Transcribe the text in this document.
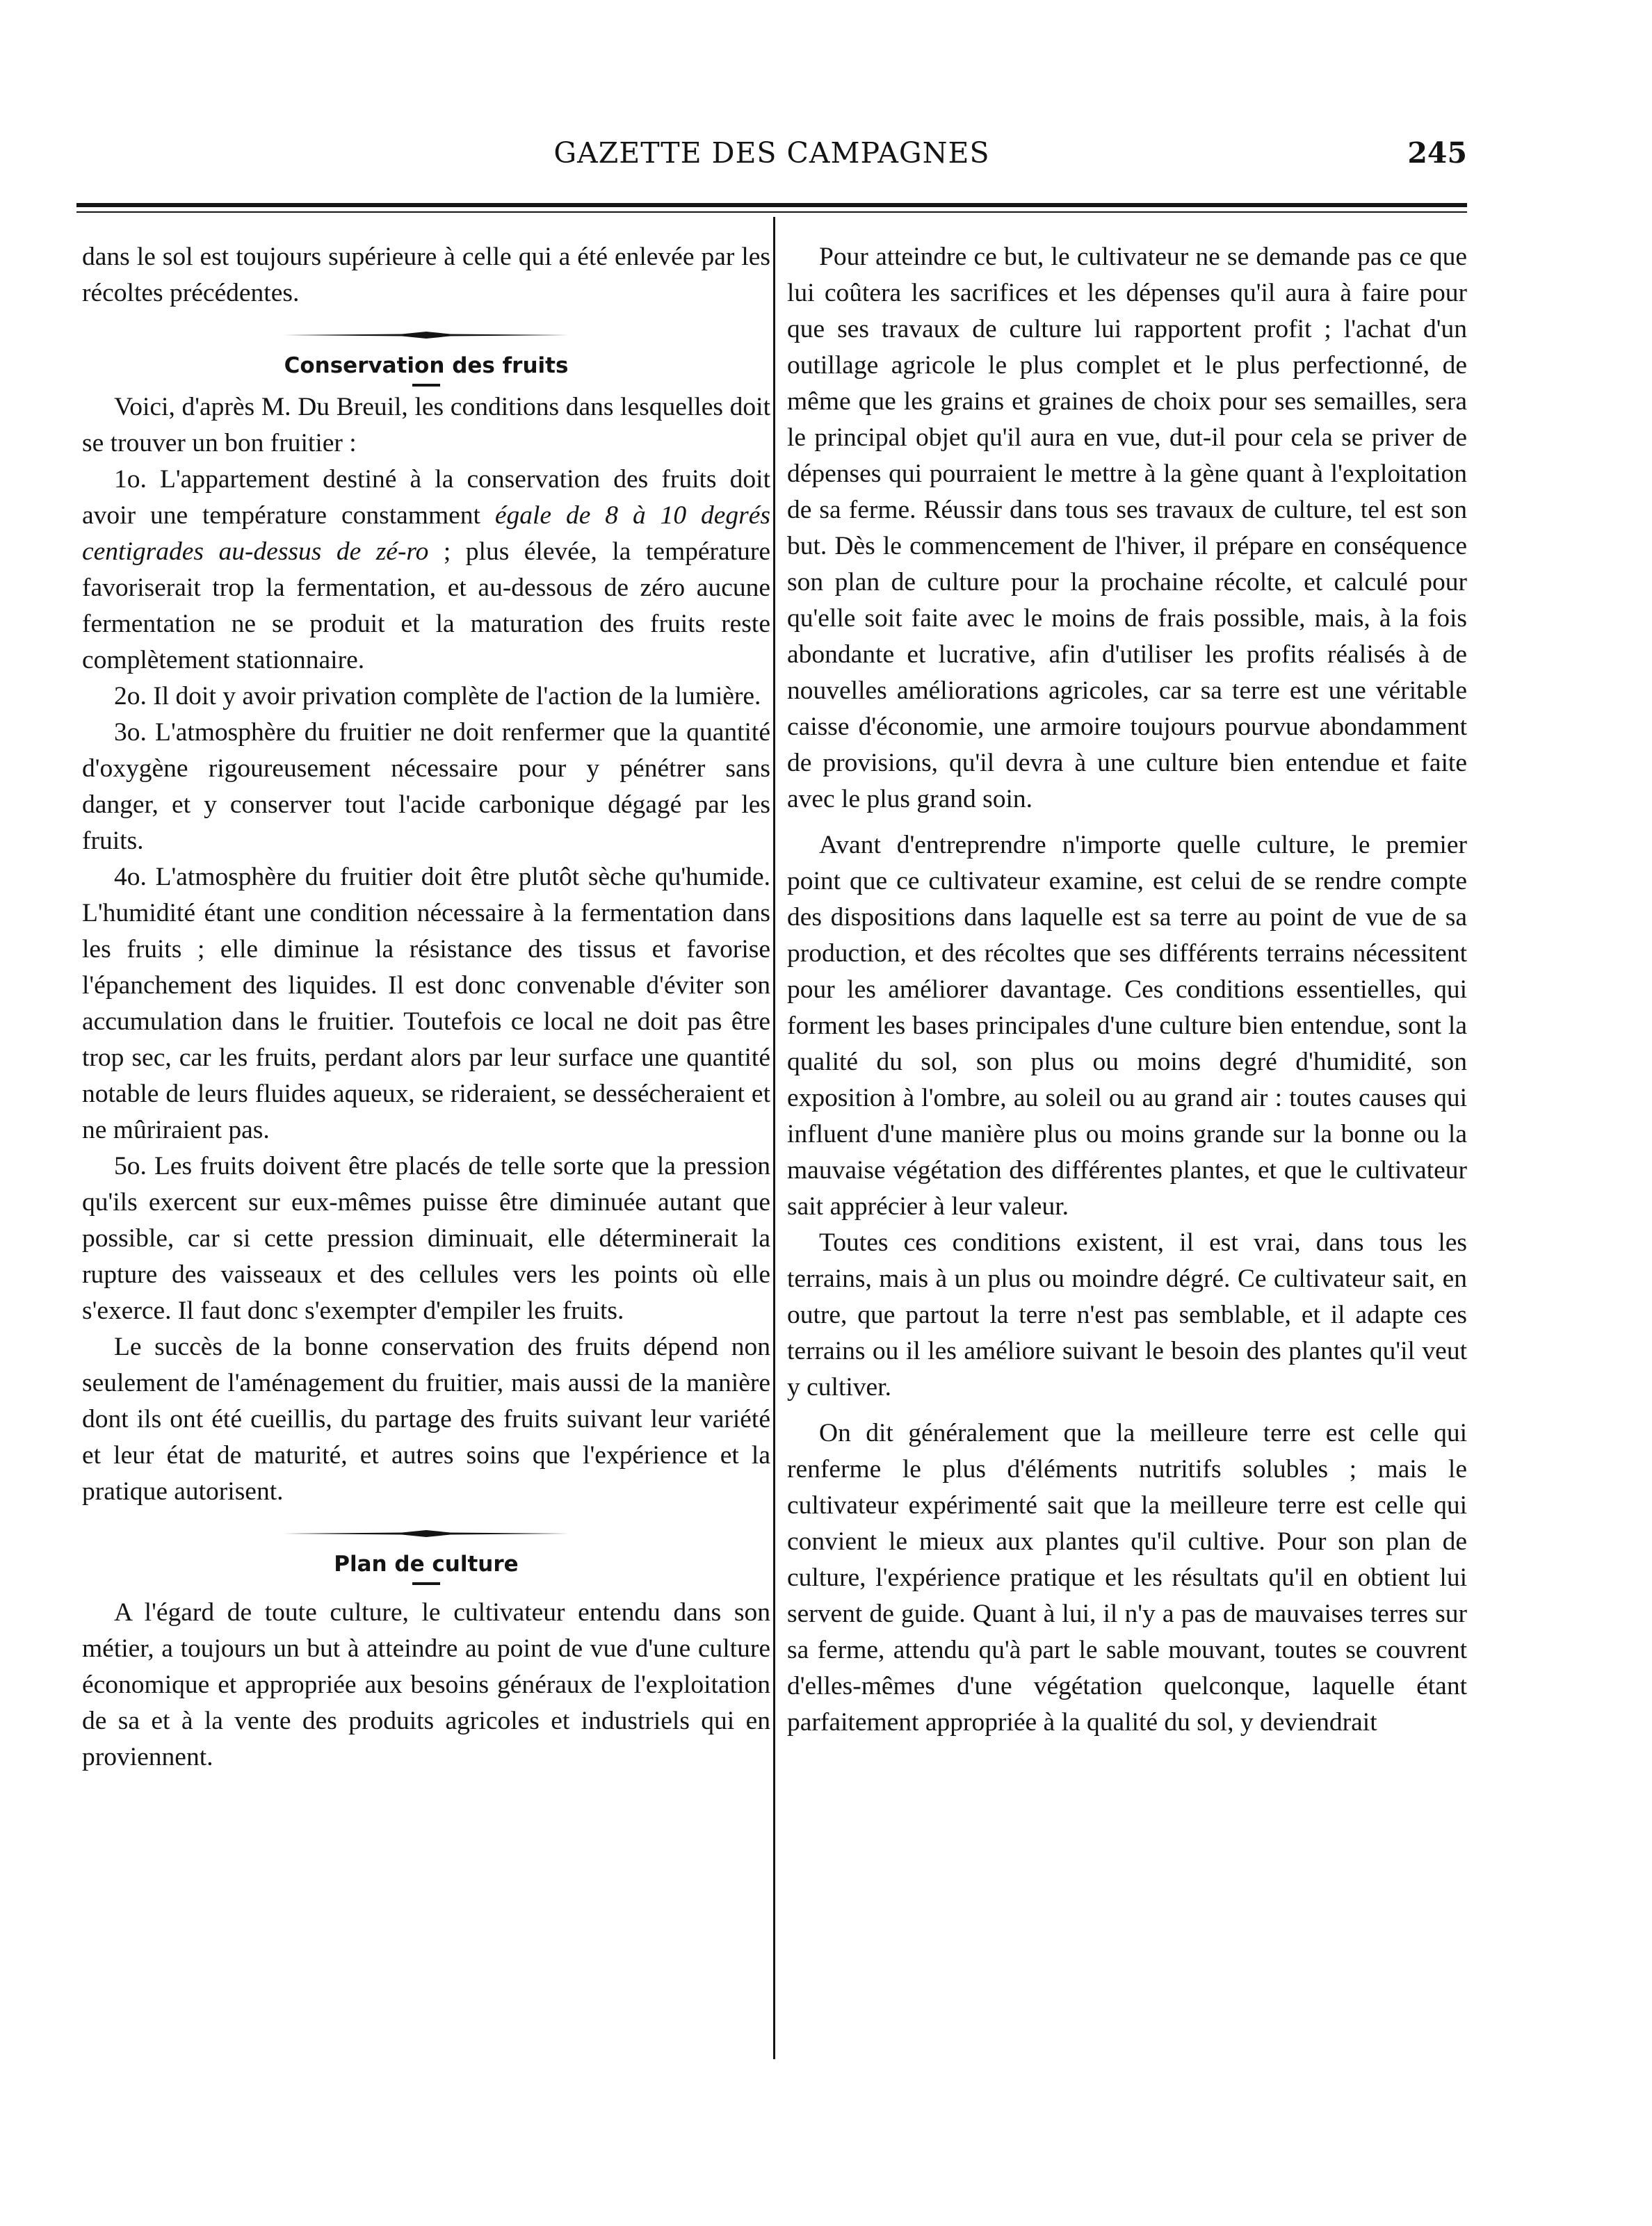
GAZETTE DES CAMPAGNES	245

dans le sol est toujours supérieure à celle qui a été enlevée par les récoltes précédentes.

Conservation des fruits

Voici, d'après M. Du Breuil, les conditions dans lesquelles doit se trouver un bon fruitier :

1o. L'appartement destiné à la conservation des fruits doit avoir une température constamment égale de 8 à 10 degrés centigrades au-dessus de zé-ro ; plus élevée, la température favoriserait trop la fermentation, et au-dessous de zéro aucune fermentation ne se produit et la maturation des fruits reste complètement stationnaire.

2o. Il doit y avoir privation complète de l'action de la lumière.

3o. L'atmosphère du fruitier ne doit renfermer que la quantité d'oxygène rigoureusement nécessaire pour y pénétrer sans danger, et y conserver tout l'acide carbonique dégagé par les fruits.

4o. L'atmosphère du fruitier doit être plutôt sèche qu'humide. L'humidité étant une condition nécessaire à la fermentation dans les fruits ; elle diminue la résistance des tissus et favorise l'épanchement des liquides. Il est donc convenable d'éviter son accumulation dans le fruitier. Toutefois ce local ne doit pas être trop sec, car les fruits, perdant alors par leur surface une quantité notable de leurs fluides aqueux, se rideraient, se dessécheraient et ne mûriraient pas.

5o. Les fruits doivent être placés de telle sorte que la pression qu'ils exercent sur eux-mêmes puisse être diminuée autant que possible, car si cette pression diminuait, elle déterminerait la rupture des vaisseaux et des cellules vers les points où elle s'exerce. Il faut donc s'exempter d'empiler les fruits.

Le succès de la bonne conservation des fruits dépend non seulement de l'aménagement du fruitier, mais aussi de la manière dont ils ont été cueillis, du partage des fruits suivant leur variété et leur état de maturité, et autres soins que l'expérience et la pratique autorisent.

Plan de culture

A l'égard de toute culture, le cultivateur entendu dans son métier, a toujours un but à atteindre au point de vue d'une culture économique et appropriée aux besoins généraux de l'exploitation de sa et à la vente des produits agricoles et industriels qui en proviennent.

Pour atteindre ce but, le cultivateur ne se demande pas ce que lui coûtera les sacrifices et les dépenses qu'il aura à faire pour que ses travaux de culture lui rapportent profit ; l'achat d'un outillage agricole le plus complet et le plus perfectionné, de même que les grains et graines de choix pour ses semailles, sera le principal objet qu'il aura en vue, dut-il pour cela se priver de dépenses qui pourraient le mettre à la gène quant à l'exploitation de sa ferme. Réussir dans tous ses travaux de culture, tel est son but. Dès le commencement de l'hiver, il prépare en conséquence son plan de culture pour la prochaine récolte, et calculé pour qu'elle soit faite avec le moins de frais possible, mais, à la fois abondante et lucrative, afin d'utiliser les profits réalisés à de nouvelles améliorations agricoles, car sa terre est une véritable caisse d'économie, une armoire toujours pourvue abondamment de provisions, qu'il devra à une culture bien entendue et faite avec le plus grand soin.

Avant d'entreprendre n'importe quelle culture, le premier point que ce cultivateur examine, est celui de se rendre compte des dispositions dans laquelle est sa terre au point de vue de sa production, et des récoltes que ses différents terrains nécessitent pour les améliorer davantage. Ces conditions essentielles, qui forment les bases principales d'une culture bien entendue, sont la qualité du sol, son plus ou moins degré d'humidité, son exposition à l'ombre, au soleil ou au grand air : toutes causes qui influent d'une manière plus ou moins grande sur la bonne ou la mauvaise végétation des différentes plantes, et que le cultivateur sait apprécier à leur valeur.

Toutes ces conditions existent, il est vrai, dans tous les terrains, mais à un plus ou moindre dégré. Ce cultivateur sait, en outre, que partout la terre n'est pas semblable, et il adapte ces terrains ou il les améliore suivant le besoin des plantes qu'il veut y cultiver.

On dit généralement que la meilleure terre est celle qui renferme le plus d'éléments nutritifs solubles ; mais le cultivateur expérimenté sait que la meilleure terre est celle qui convient le mieux aux plantes qu'il cultive. Pour son plan de culture, l'expérience pratique et les résultats qu'il en obtient lui servent de guide. Quant à lui, il n'y a pas de mauvaises terres sur sa ferme, attendu qu'à part le sable mouvant, toutes se couvrent d'elles-mêmes d'une végétation quelconque, laquelle étant parfaitement appropriée à la qualité du sol, y deviendrait
